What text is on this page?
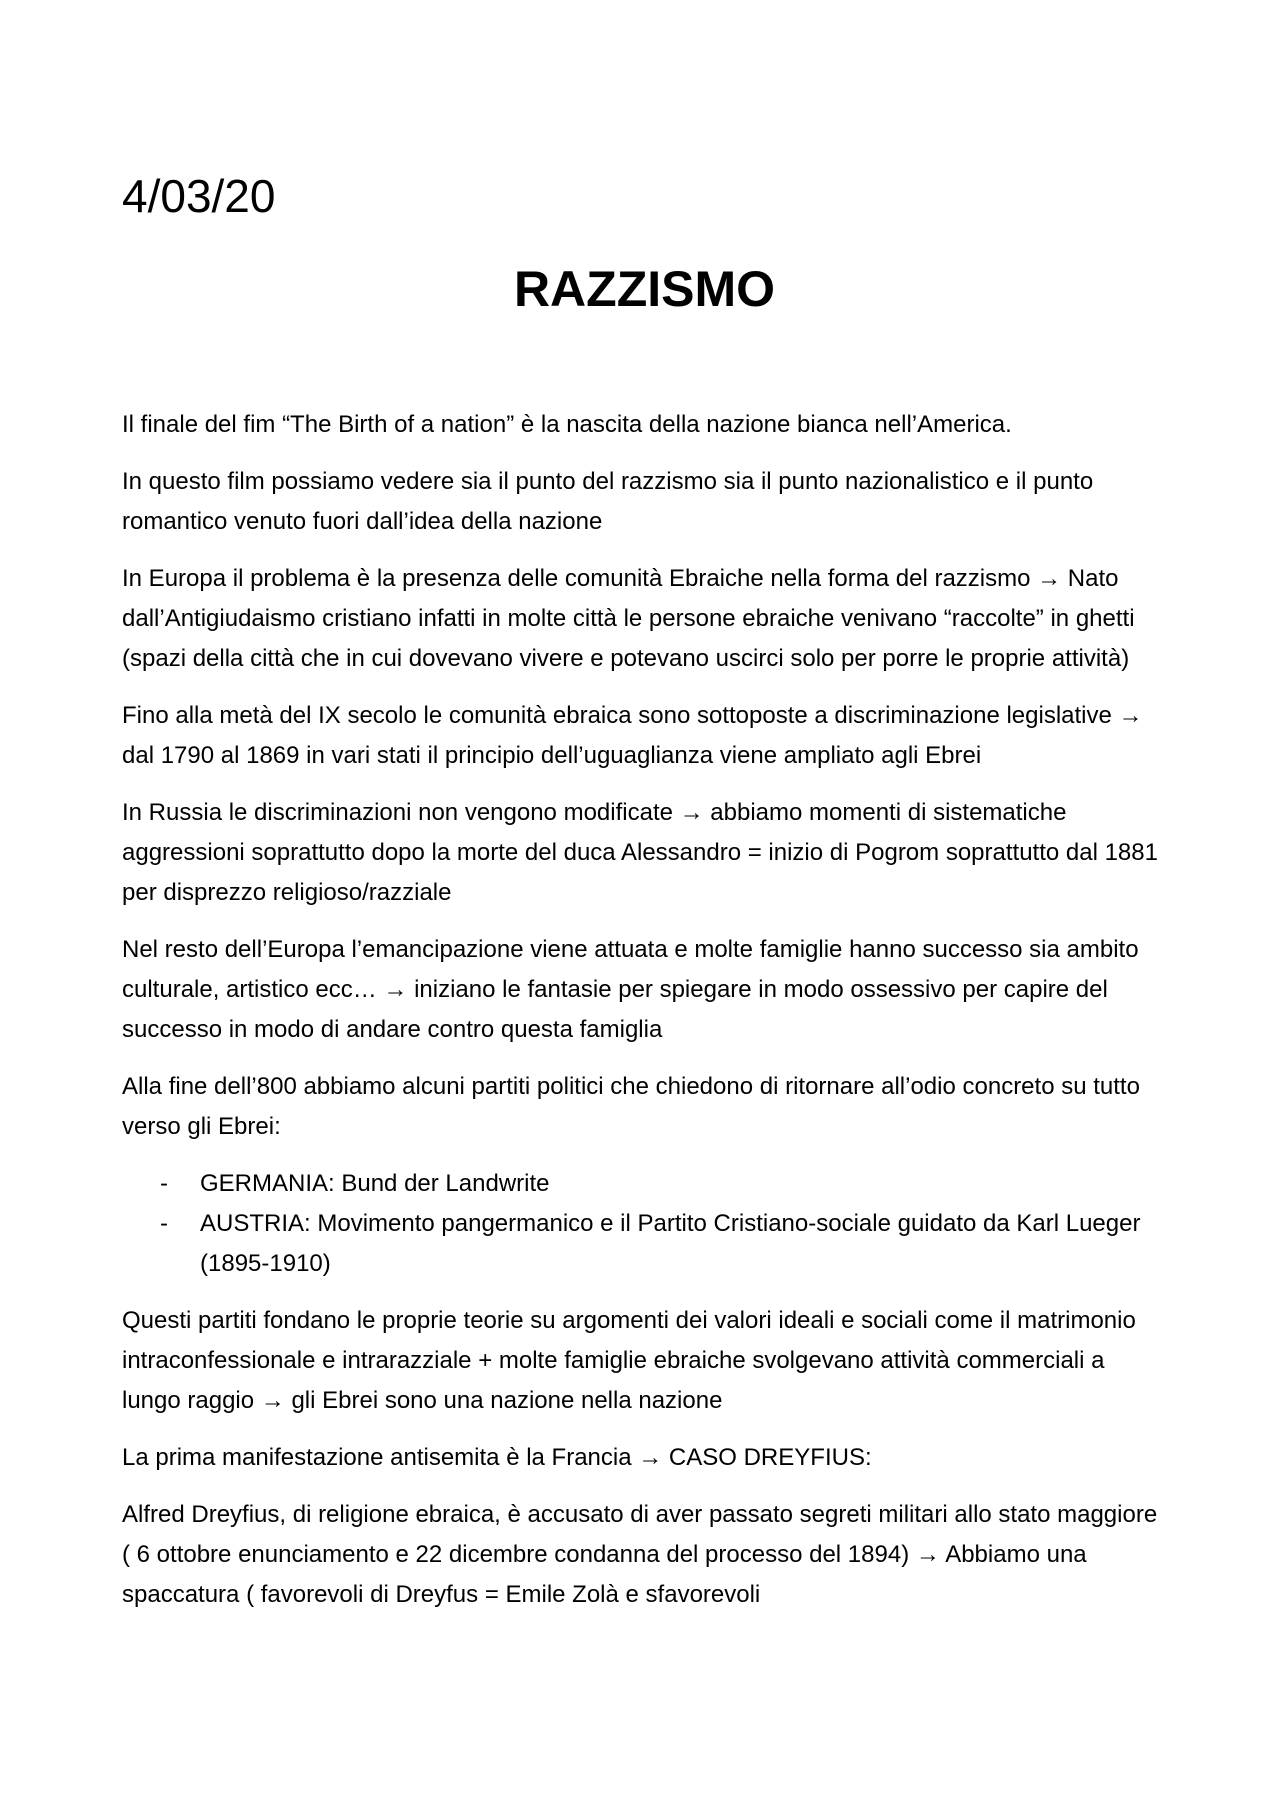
4/03/20

RAZZISMO

Il finale del fim “The Birth of a nation” è la nascita della nazione bianca nell’America.

In questo film possiamo vedere sia il punto del razzismo sia il punto nazionalistico e il punto romantico venuto fuori dall’idea della nazione

In Europa il problema è la presenza delle comunità Ebraiche nella forma del razzismo → Nato dall’Antigiudaismo cristiano infatti in molte città le persone ebraiche venivano “raccolte” in ghetti (spazi della città che in cui dovevano vivere e potevano uscirci solo per porre le proprie attività)

Fino alla metà del IX secolo le comunità ebraica sono sottoposte a discriminazione legislative → dal 1790 al 1869 in vari stati il principio dell’uguaglianza viene ampliato agli Ebrei

In Russia le discriminazioni non vengono modificate → abbiamo momenti di sistematiche aggressioni soprattutto dopo la morte del duca Alessandro = inizio di Pogrom soprattutto dal 1881 per disprezzo religioso/razziale

Nel resto dell’Europa l’emancipazione viene attuata e molte famiglie hanno successo sia ambito culturale, artistico ecc… → iniziano le fantasie per spiegare in modo ossessivo per capire del successo in modo di andare contro questa famiglia

Alla fine dell’800 abbiamo alcuni partiti politici che chiedono di ritornare all’odio concreto su tutto verso gli Ebrei:

- GERMANIA: Bund der Landwrite
- AUSTRIA: Movimento pangermanico e il Partito Cristiano-sociale guidato da Karl Lueger (1895-1910)

Questi partiti fondano le proprie teorie su argomenti dei valori ideali e sociali come il matrimonio intraconfessionale e intrarazziale + molte famiglie ebraiche svolgevano attività commerciali a lungo raggio → gli Ebrei sono una nazione nella nazione

La prima manifestazione antisemita è la Francia → CASO DREYFIUS:

Alfred Dreyfius, di religione ebraica, è accusato di aver passato segreti militari allo stato maggiore ( 6 ottobre enunciamento e 22 dicembre condanna del processo del 1894) → Abbiamo una spaccatura ( favorevoli di Dreyfus = Emile Zolà e sfavorevoli
